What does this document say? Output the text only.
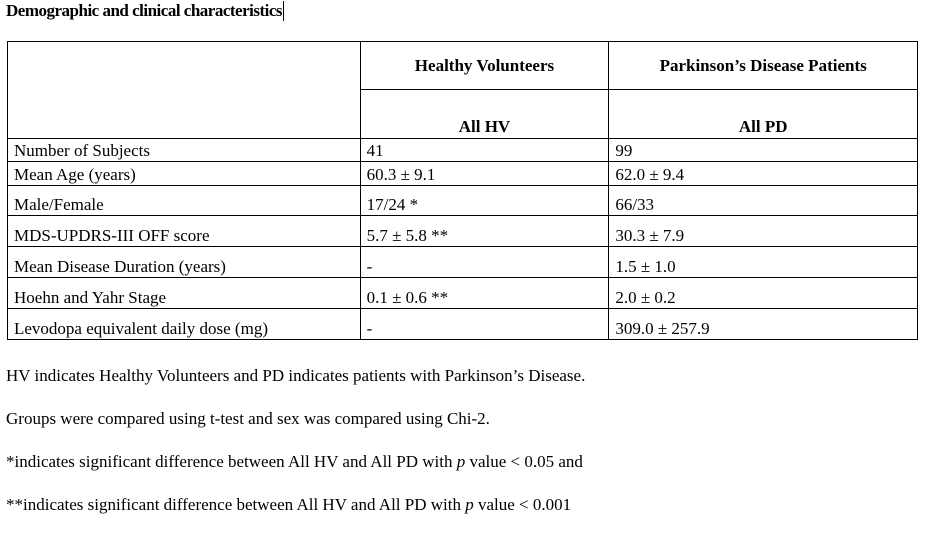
Demographic and clinical characteristics
	Healthy Volunteers	Parkinson’s Disease Patients
	All HV	All PD
Number of Subjects	41	99
Mean Age (years)	60.3 ± 9.1	62.0 ± 9.4
Male/Female	17/24 *	66/33
MDS-UPDRS-III OFF score	5.7 ± 5.8 **	30.3 ± 7.9
Mean Disease Duration (years)	-	1.5 ± 1.0
Hoehn and Yahr Stage	0.1 ± 0.6 **	2.0 ± 0.2
Levodopa equivalent daily dose (mg)	-	309.0 ± 257.9
HV indicates Healthy Volunteers and PD indicates patients with Parkinson’s Disease.
Groups were compared using t-test and sex was compared using Chi-2.
*indicates significant difference between All HV and All PD with p value < 0.05 and
**indicates significant difference between All HV and All PD with p value < 0.001
